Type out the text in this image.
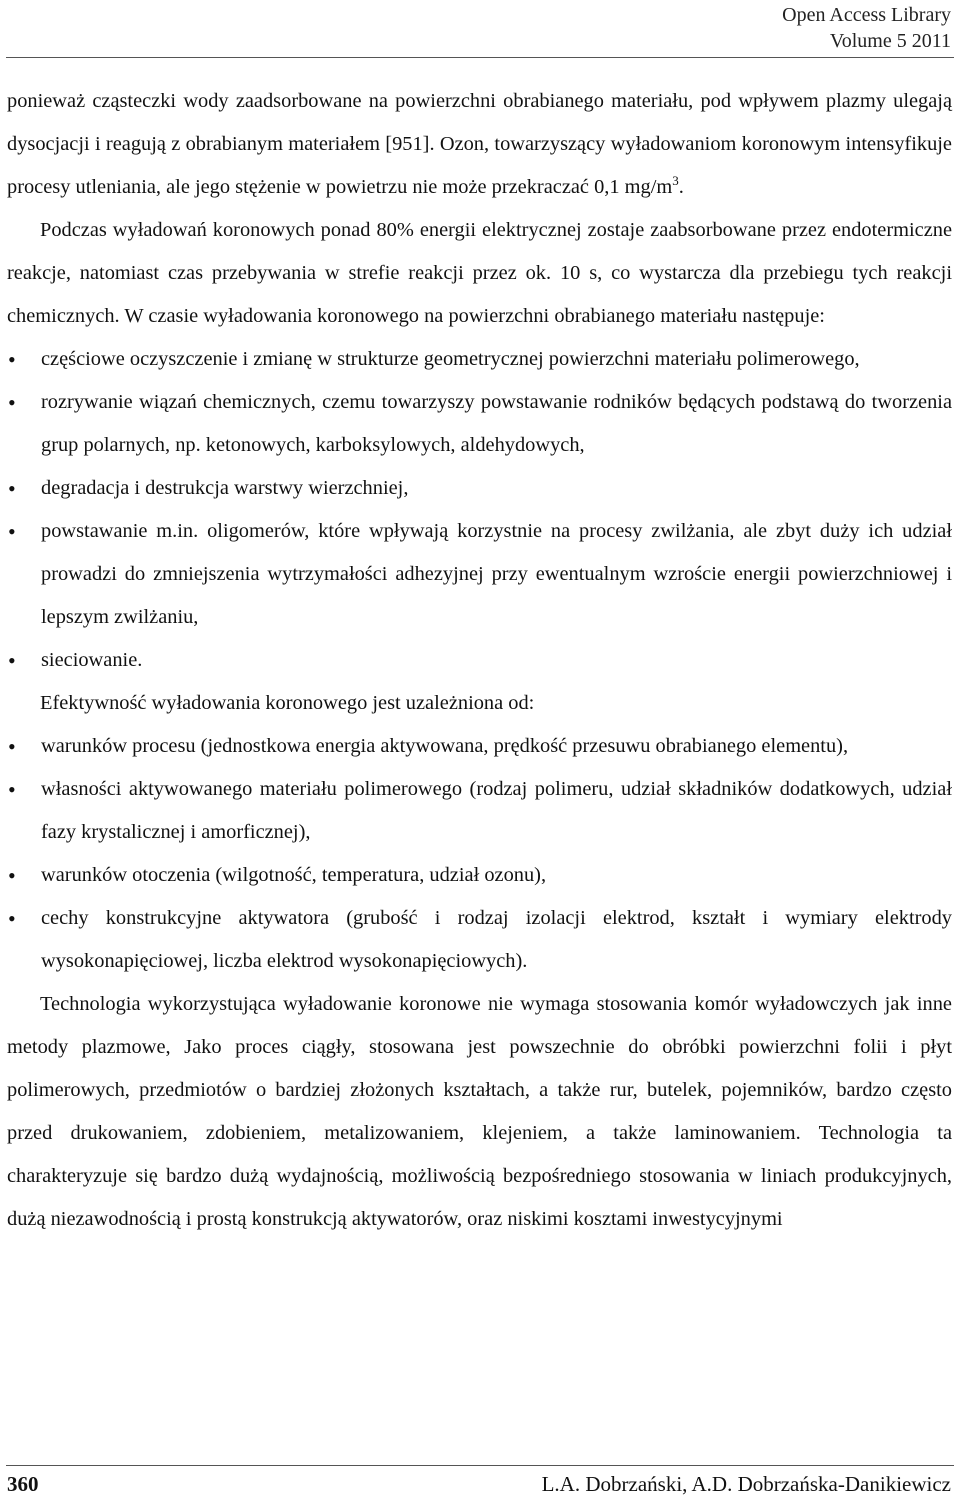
Open Access Library
Volume 5 2011

ponieważ cząsteczki wody zaadsorbowane na powierzchni obrabianego materiału, pod wpływem plazmy ulegają dysocjacji i reagują z obrabianym materiałem [951]. Ozon, towarzyszący wyładowaniom koronowym intensyfikuje procesy utleniania, ale jego stężenie w powietrzu nie może przekraczać 0,1 $mg/m^3$.

Podczas wyładowań koronowych ponad 80% energii elektrycznej zostaje zaabsorbowane przez endotermiczne reakcje, natomiast czas przebywania w strefie reakcji przez ok. 10 s, co wystarcza dla przebiegu tych reakcji chemicznych. W czasie wyładowania koronowego na powierzchni obrabianego materiału następuje:

• częściowe oczyszczenie i zmianę w strukturze geometrycznej powierzchni materiału polimerowego,
• rozrywanie wiązań chemicznych, czemu towarzyszy powstawanie rodników będących podstawą do tworzenia grup polarnych, np. ketonowych, karboksylowych, aldehydowych,
• degradacja i destrukcja warstwy wierzchniej,
• powstawanie m.in. oligomerów, które wpływają korzystnie na procesy zwilżania, ale zbyt duży ich udział prowadzi do zmniejszenia wytrzymałości adhezyjnej przy ewentualnym wzroście energii powierzchniowej i lepszym zwilżaniu,
• sieciowanie.

Efektywność wyładowania koronowego jest uzależniona od:

• warunków procesu (jednostkowa energia aktywowana, prędkość przesuwu obrabianego elementu),
• własności aktywowanego materiału polimerowego (rodzaj polimeru, udział składników dodatkowych, udział fazy krystalicznej i amorficznej),
• warunków otoczenia (wilgotność, temperatura, udział ozonu),
• cechy konstrukcyjne aktywatora (grubość i rodzaj izolacji elektrod, kształt i wymiary elektrody wysokonapięciowej, liczba elektrod wysokonapięciowych).

Technologia wykorzystująca wyładowanie koronowe nie wymaga stosowania komór wyładowczych jak inne metody plazmowe, Jako proces ciągły, stosowana jest powszechnie do obróbki powierzchni folii i płyt polimerowych, przedmiotów o bardziej złożonych kształtach, a także rur, butelek, pojemników, bardzo często przed drukowaniem, zdobieniem, metalizowaniem, klejeniem, a także laminowaniem. Technologia ta charakteryzuje się bardzo dużą wydajnością, możliwością bezpośredniego stosowania w liniach produkcyjnych, dużą niezawodnością i prostą konstrukcją aktywatorów, oraz niskimi kosztami inwestycyjnymi

360	L.A. Dobrzański, A.D. Dobrzańska-Danikiewicz
